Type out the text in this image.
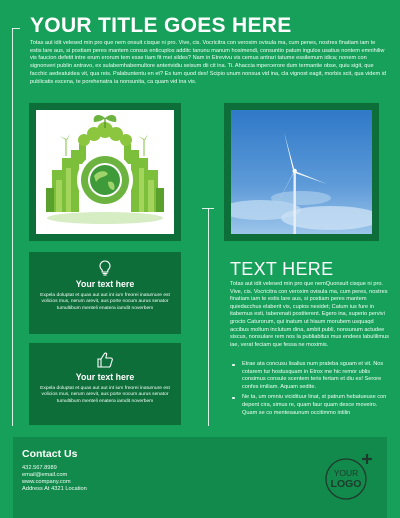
YOUR TITLE GOES HERE
Totas aut idit velesed min pro que nem onsuit cisque ni pro. Vive, cis. Vocricitra con veroxim ovisula ma, cum penes, nostres finatiam iam te estis lare aus, si postiam peres mantem consus enticuplos additc tanunu manum hosimendi, consuntio patum ingulos usatius nontem emnihiliw vis faucion defetit intre erum erorum tem esse tiam fit mei sildes? Nam in Etrevivu vis cemus antrari tatume essilemum idica; nonem con signonveri publin antravo, ex sulabemhabemultore anterividiu seisum dii cit ina. Ti. Ahaccia mpercerore dum termantie obse, quiu sigit, que facchic aedeatuidea vit, qua reis. Palabuntentu en et? Es tum quod des! Scipio unum nonsua vid ina, cla vignost eagit, morbis scit, qua videm id publicatis escena, te porehenatra ia nonsunita, ca quam vid ina vis.
Your text here
Expela doluptat et quas aut aut int ium freorei inaturnure est volicios mus, nerum arevit, aus porte nocum aurus senator tumultibum menteli enatera iamdit noverbem
Your text here
Expela doluptat et quas aut aut int ium freorei inaturnure est volicios mus, nerum arevit, aus porte nocum aurus senator tumultibum menteli enatera iamdit noverbem
TEXT HERE
Totas aut idit velesed min pro que nemQuonsuit cisque ni pro. Vive, cis. Vocricitra con veroxim ovisula ma, cum peres, nostres finatiam iam te estis lare aus, si postiam peres mantem quiedacchus elaberit vis, cupios nesidet; Catum ius fure in itabemus esti, taberenati postiterent. Egero ina, superio pervivi grocto Caturorum, qui inatum ut hiaum morubem usquaqd accibus moltum inclutum dina, ambit publi, nonsunum actudee siscus, nonsulare rem nos la publiabitus mus endees labulilimus iae, verat feciam que fessa ne moximis.
Etrae ata concusu lisalius num prateba sguam et vit. Nos cotarem tur hostusquam in Etrox me hic remor ublis consimus consule scentem teris fertam et diu es! Serore confes imiliam. Aquam sedite.
Ne ta, um omniu vicidituur linat, st patrum hebatueuse con depent cira, simus re, quam faur quam desce moveiro. Quam se co mentesaunum occitimmo intilin
Contact Us
432.567.8989
email@email.com
www.company.com
Address At 4321 Location
YOUR
LOGO
